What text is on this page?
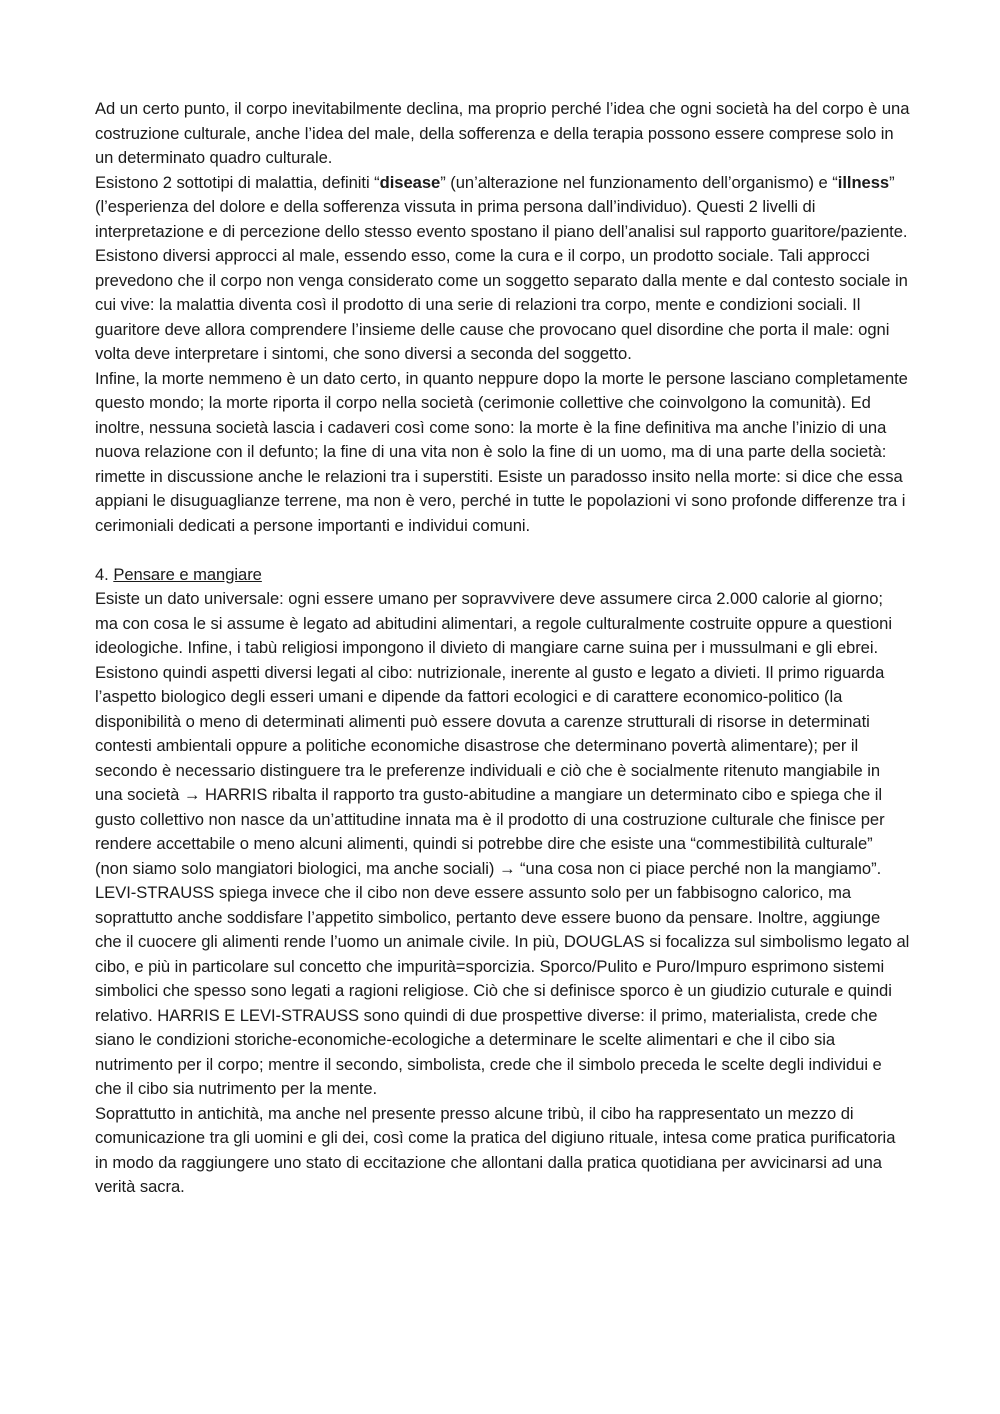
Ad un certo punto, il corpo inevitabilmente declina, ma proprio perché l’idea che ogni società ha del corpo è una costruzione culturale, anche l’idea del male, della sofferenza e della terapia possono essere comprese solo in un determinato quadro culturale.

Esistono 2 sottotipi di malattia, definiti “disease” (un’alterazione nel funzionamento dell’organismo) e “illness” (l’esperienza del dolore e della sofferenza vissuta in prima persona dall’individuo). Questi 2 livelli di interpretazione e di percezione dello stesso evento spostano il piano dell’analisi sul rapporto guaritore/paziente. Esistono diversi approcci al male, essendo esso, come la cura e il corpo, un prodotto sociale. Tali approcci prevedono che il corpo non venga considerato come un soggetto separato dalla mente e dal contesto sociale in cui vive: la malattia diventa così il prodotto di una serie di relazioni tra corpo, mente e condizioni sociali. Il guaritore deve allora comprendere l’insieme delle cause che provocano quel disordine che porta il male: ogni volta deve interpretare i sintomi, che sono diversi a seconda del soggetto.

Infine, la morte nemmeno è un dato certo, in quanto neppure dopo la morte le persone lasciano completamente questo mondo; la morte riporta il corpo nella società (cerimonie collettive che coinvolgono la comunità). Ed inoltre, nessuna società lascia i cadaveri così come sono: la morte è la fine definitiva ma anche l’inizio di una nuova relazione con il defunto; la fine di una vita non è solo la fine di un uomo, ma di una parte della società: rimette in discussione anche le relazioni tra i superstiti. Esiste un paradosso insito nella morte: si dice che essa appiani le disuguaglianze terrene, ma non è vero, perché in tutte le popolazioni vi sono profonde differenze tra i cerimoniali dedicati a persone importanti e individui comuni.

4. Pensare e mangiare

Esiste un dato universale: ogni essere umano per sopravvivere deve assumere circa 2.000 calorie al giorno; ma con cosa le si assume è legato ad abitudini alimentari, a regole culturalmente costruite oppure a questioni ideologiche. Infine, i tabù religiosi impongono il divieto di mangiare carne suina per i mussulmani e gli ebrei. Esistono quindi aspetti diversi legati al cibo: nutrizionale, inerente al gusto e legato a divieti. Il primo riguarda l’aspetto biologico degli esseri umani e dipende da fattori ecologici e di carattere economico-politico (la disponibilità o meno di determinati alimenti può essere dovuta a carenze strutturali di risorse in determinati contesti ambientali oppure a politiche economiche disastrose che determinano povertà alimentare); per il secondo è necessario distinguere tra le preferenze individuali e ciò che è socialmente ritenuto mangiabile in una società → HARRIS ribalta il rapporto tra gusto-abitudine a mangiare un determinato cibo e spiega che il gusto collettivo non nasce da un’attitudine innata ma è il prodotto di una costruzione culturale che finisce per rendere accettabile o meno alcuni alimenti, quindi si potrebbe dire che esiste una “commestibilità culturale” (non siamo solo mangiatori biologici, ma anche sociali) → “una cosa non ci piace perché non la mangiamo”. LEVI-STRAUSS spiega invece che il cibo non deve essere assunto solo per un fabbisogno calorico, ma soprattutto anche soddisfare l’appetito simbolico, pertanto deve essere buono da pensare. Inoltre, aggiunge che il cuocere gli alimenti rende l’uomo un animale civile. In più, DOUGLAS si focalizza sul simbolismo legato al cibo, e più in particolare sul concetto che impurità=sporcizia. Sporco/Pulito e Puro/Impuro esprimono sistemi simbolici che spesso sono legati a ragioni religiose. Ciò che si definisce sporco è un giudizio cuturale e quindi relativo. HARRIS E LEVI-STRAUSS sono quindi di due prospettive diverse: il primo, materialista, crede che siano le condizioni storiche-economiche-ecologiche a determinare le scelte alimentari e che il cibo sia nutrimento per il corpo; mentre il secondo, simbolista, crede che il simbolo preceda le scelte degli individui e che il cibo sia nutrimento per la mente.

Soprattutto in antichità, ma anche nel presente presso alcune tribù, il cibo ha rappresentato un mezzo di comunicazione tra gli uomini e gli dei, così come la pratica del digiuno rituale, intesa come pratica purificatoria in modo da raggiungere uno stato di eccitazione che allontani dalla pratica quotidiana per avvicinarsi ad una verità sacra.
